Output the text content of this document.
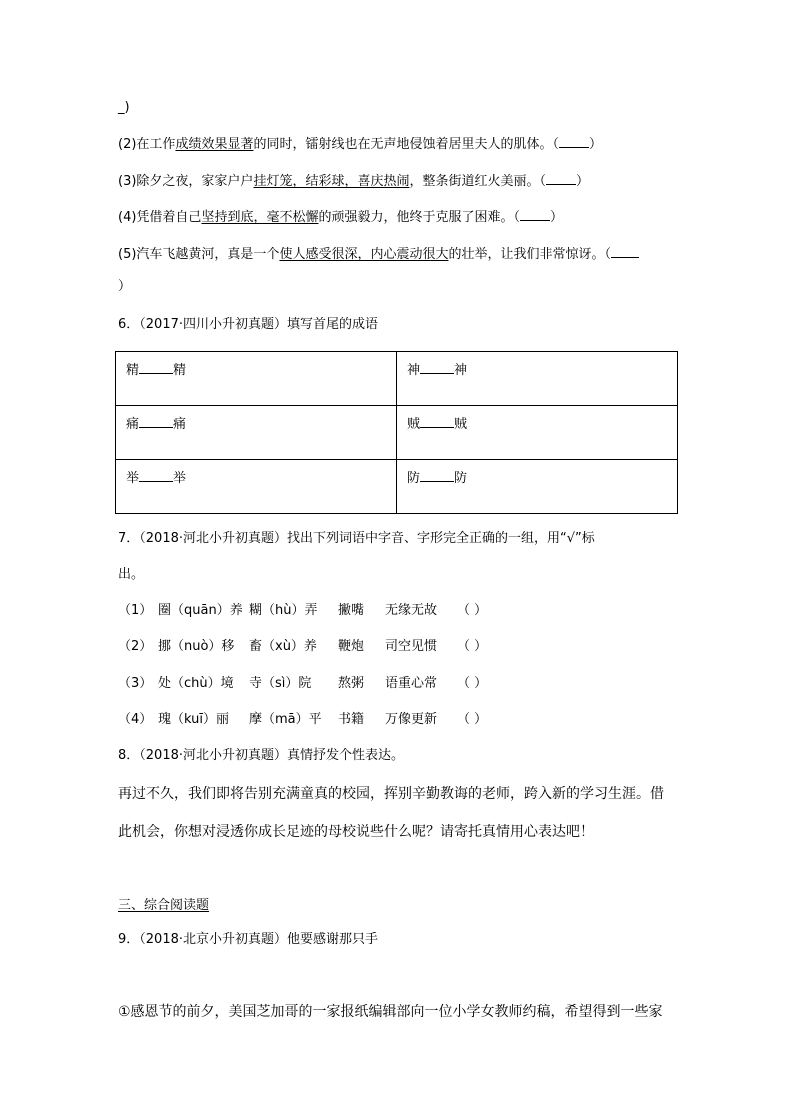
_)
(2)在工作成绩效果显著的同时，镭射线也在无声地侵蚀着居里夫人的肌体。（ ）
(3)除夕之夜，家家户户挂灯笼，结彩球，喜庆热闹，整条街道红火美丽。（ ）
(4)凭借着自己坚持到底，毫不松懈的顽强毅力，他终于克服了困难。（ ）
(5)汽车飞越黄河，真是一个使人感受很深，内心震动很大的壮举，让我们非常惊讶。（
）
6．（2017·四川小升初真题）填写首尾的成语
精 精	神 神
痛 痛	贼 贼
举 举	防 防
7．（2018·河北小升初真题）找出下列词语中字音、字形完全正确的一组，用“√”标
出。
（1） 圈（quān）养 糊（hù）弄 撇嘴 无缘无故 （ ）
（2） 挪（nuò）移 畜（xù）养 鞭炮 司空见惯 （ ）
（3） 处（chù）境 寺（sì）院 熬粥 语重心常 （ ）
（4） 瑰（kuī）丽 摩（mā）平 书籍 万像更新 （ ）
8．（2018·河北小升初真题）真情抒发个性表达。
再过不久，我们即将告别充满童真的校园，挥别辛勤教诲的老师，跨入新的学习生涯。借
此机会，你想对浸透你成长足迹的母校说些什么呢？请寄托真情用心表达吧！
三、综合阅读题
9．（2018·北京小升初真题）他要感谢那只手
①感恩节的前夕，美国芝加哥的一家报纸编辑部向一位小学女教师约稿，希望得到一些家
